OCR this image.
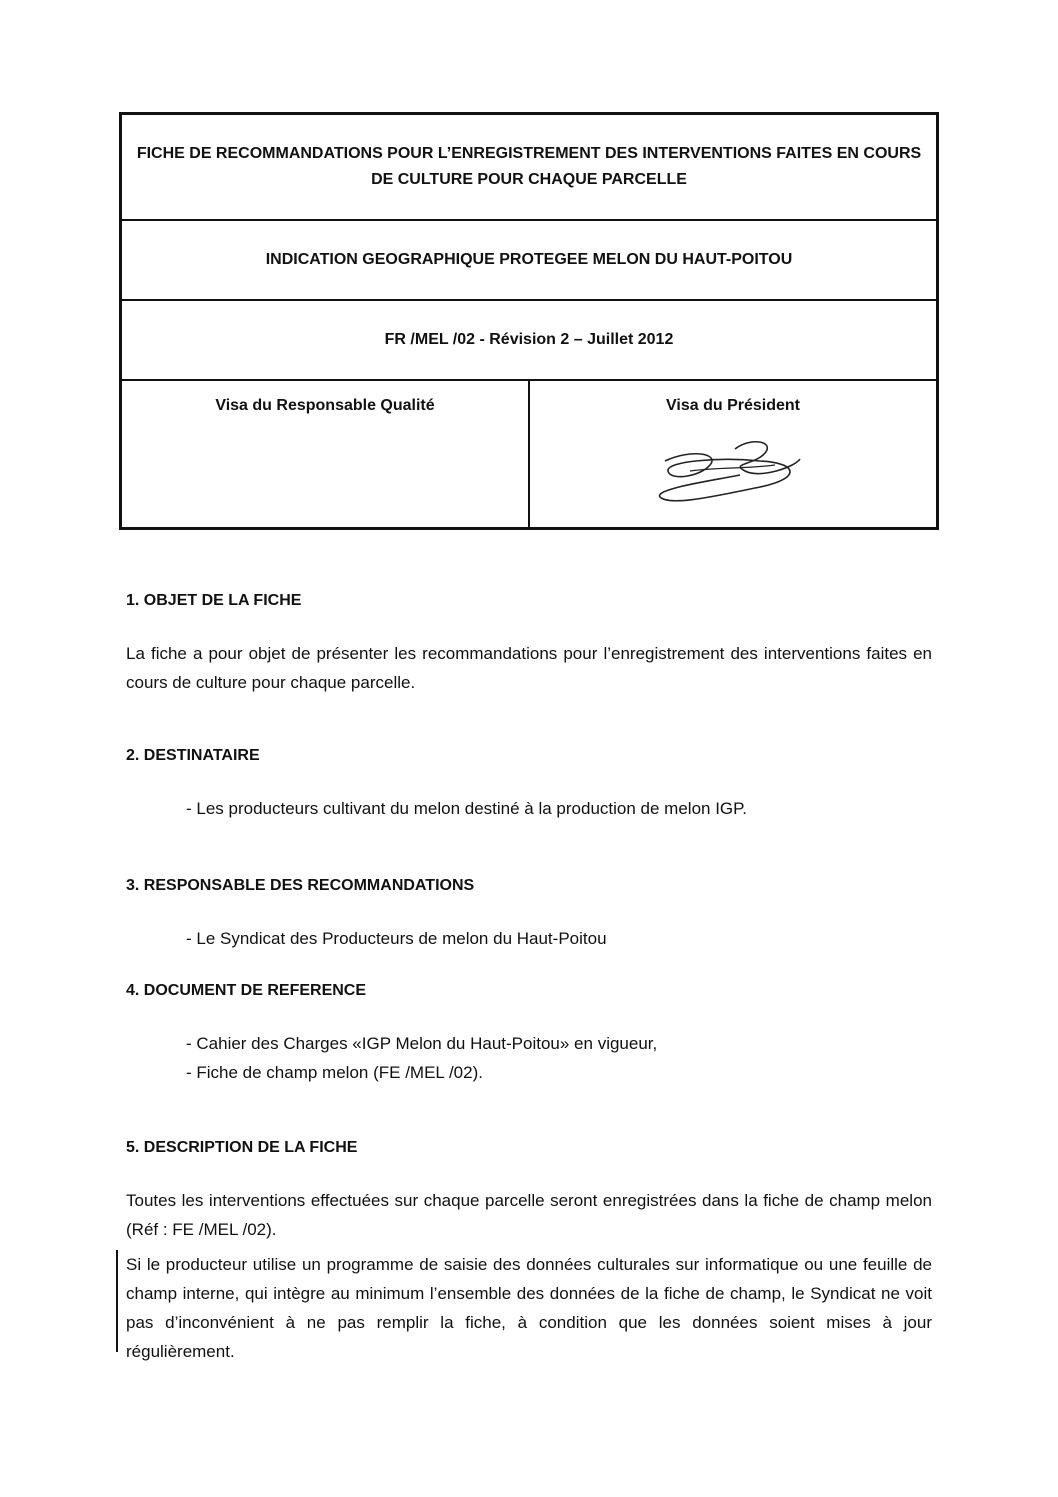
FICHE DE RECOMMANDATIONS POUR L’ENREGISTREMENT DES INTERVENTIONS FAITES EN COURS DE CULTURE POUR CHAQUE PARCELLE
INDICATION GEOGRAPHIQUE PROTEGEE MELON DU HAUT-POITOU
FR /MEL /02 - Révision 2 – Juillet 2012
Visa du Responsable Qualité	Visa du Président
1. OBJET DE LA FICHE
La fiche a pour objet de présenter les recommandations pour l’enregistrement des interventions faites en cours de culture pour chaque parcelle.
2. DESTINATAIRE
- Les producteurs cultivant du melon destiné à la production de melon IGP.
3. RESPONSABLE DES RECOMMANDATIONS
- Le Syndicat des Producteurs de melon du Haut-Poitou
4. DOCUMENT DE REFERENCE
- Cahier des Charges «IGP Melon du Haut-Poitou» en vigueur,
- Fiche de champ melon (FE /MEL /02).
5. DESCRIPTION DE LA FICHE
Toutes les interventions effectuées sur chaque parcelle seront enregistrées dans la fiche de champ melon (Réf : FE /MEL /02).
Si le producteur utilise un programme de saisie des données culturales sur informatique ou une feuille de champ interne, qui intègre au minimum l’ensemble des données de la fiche de champ, le Syndicat ne voit pas d’inconvénient à ne pas remplir la fiche, à condition que les données soient mises à jour régulièrement.
